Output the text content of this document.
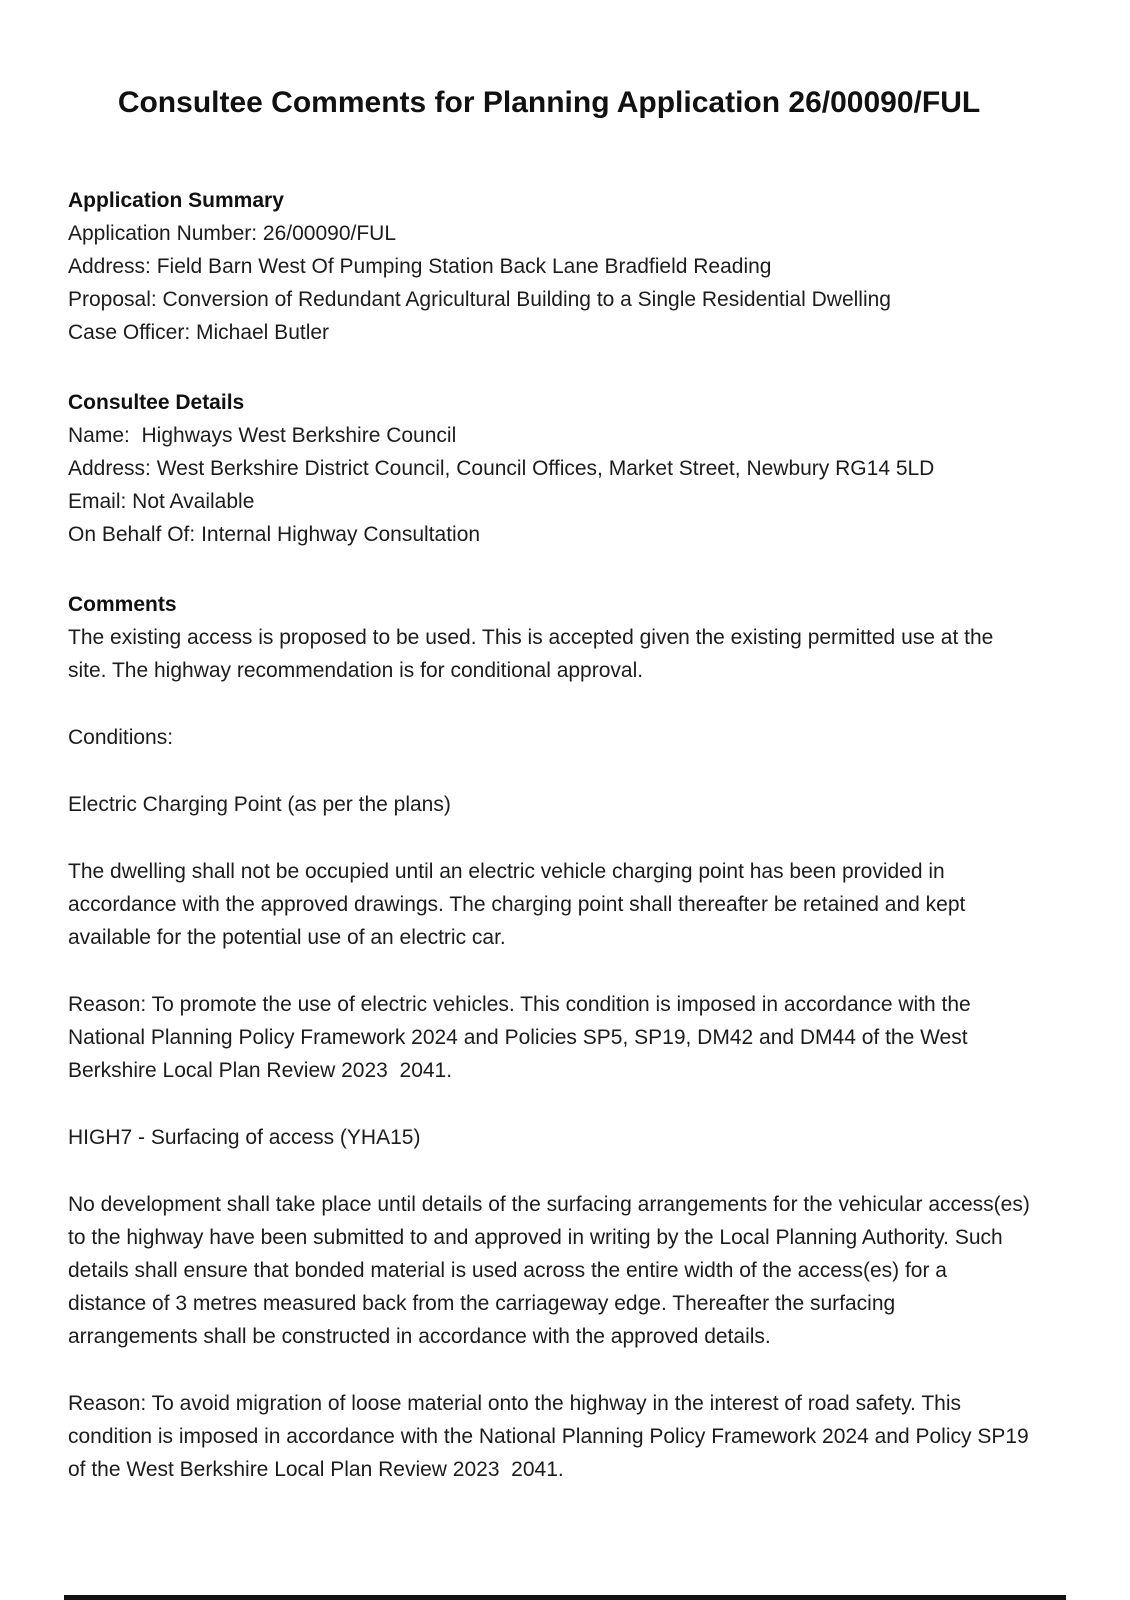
Consultee Comments for Planning Application 26/00090/FUL
Application Summary

Application Number: 26/00090/FUL

Address: Field Barn West Of Pumping Station Back Lane Bradfield Reading

Proposal: Conversion of Redundant Agricultural Building to a Single Residential Dwelling

Case Officer: Michael Butler

Consultee Details

Name:  Highways West Berkshire Council

Address: West Berkshire District Council, Council Offices, Market Street, Newbury RG14 5LD

Email: Not Available

On Behalf Of: Internal Highway Consultation

Comments

The existing access is proposed to be used. This is accepted given the existing permitted use at the site. The highway recommendation is for conditional approval.

Conditions:

Electric Charging Point (as per the plans)

The dwelling shall not be occupied until an electric vehicle charging point has been provided in accordance with the approved drawings. The charging point shall thereafter be retained and kept available for the potential use of an electric car.

Reason: To promote the use of electric vehicles. This condition is imposed in accordance with the National Planning Policy Framework 2024 and Policies SP5, SP19, DM42 and DM44 of the West Berkshire Local Plan Review 2023  2041.

HIGH7 - Surfacing of access (YHA15)

No development shall take place until details of the surfacing arrangements for the vehicular access(es) to the highway have been submitted to and approved in writing by the Local Planning Authority. Such details shall ensure that bonded material is used across the entire width of the access(es) for a distance of 3 metres measured back from the carriageway edge. Thereafter the surfacing arrangements shall be constructed in accordance with the approved details.

Reason: To avoid migration of loose material onto the highway in the interest of road safety. This condition is imposed in accordance with the National Planning Policy Framework 2024 and Policy SP19 of the West Berkshire Local Plan Review 2023  2041.
